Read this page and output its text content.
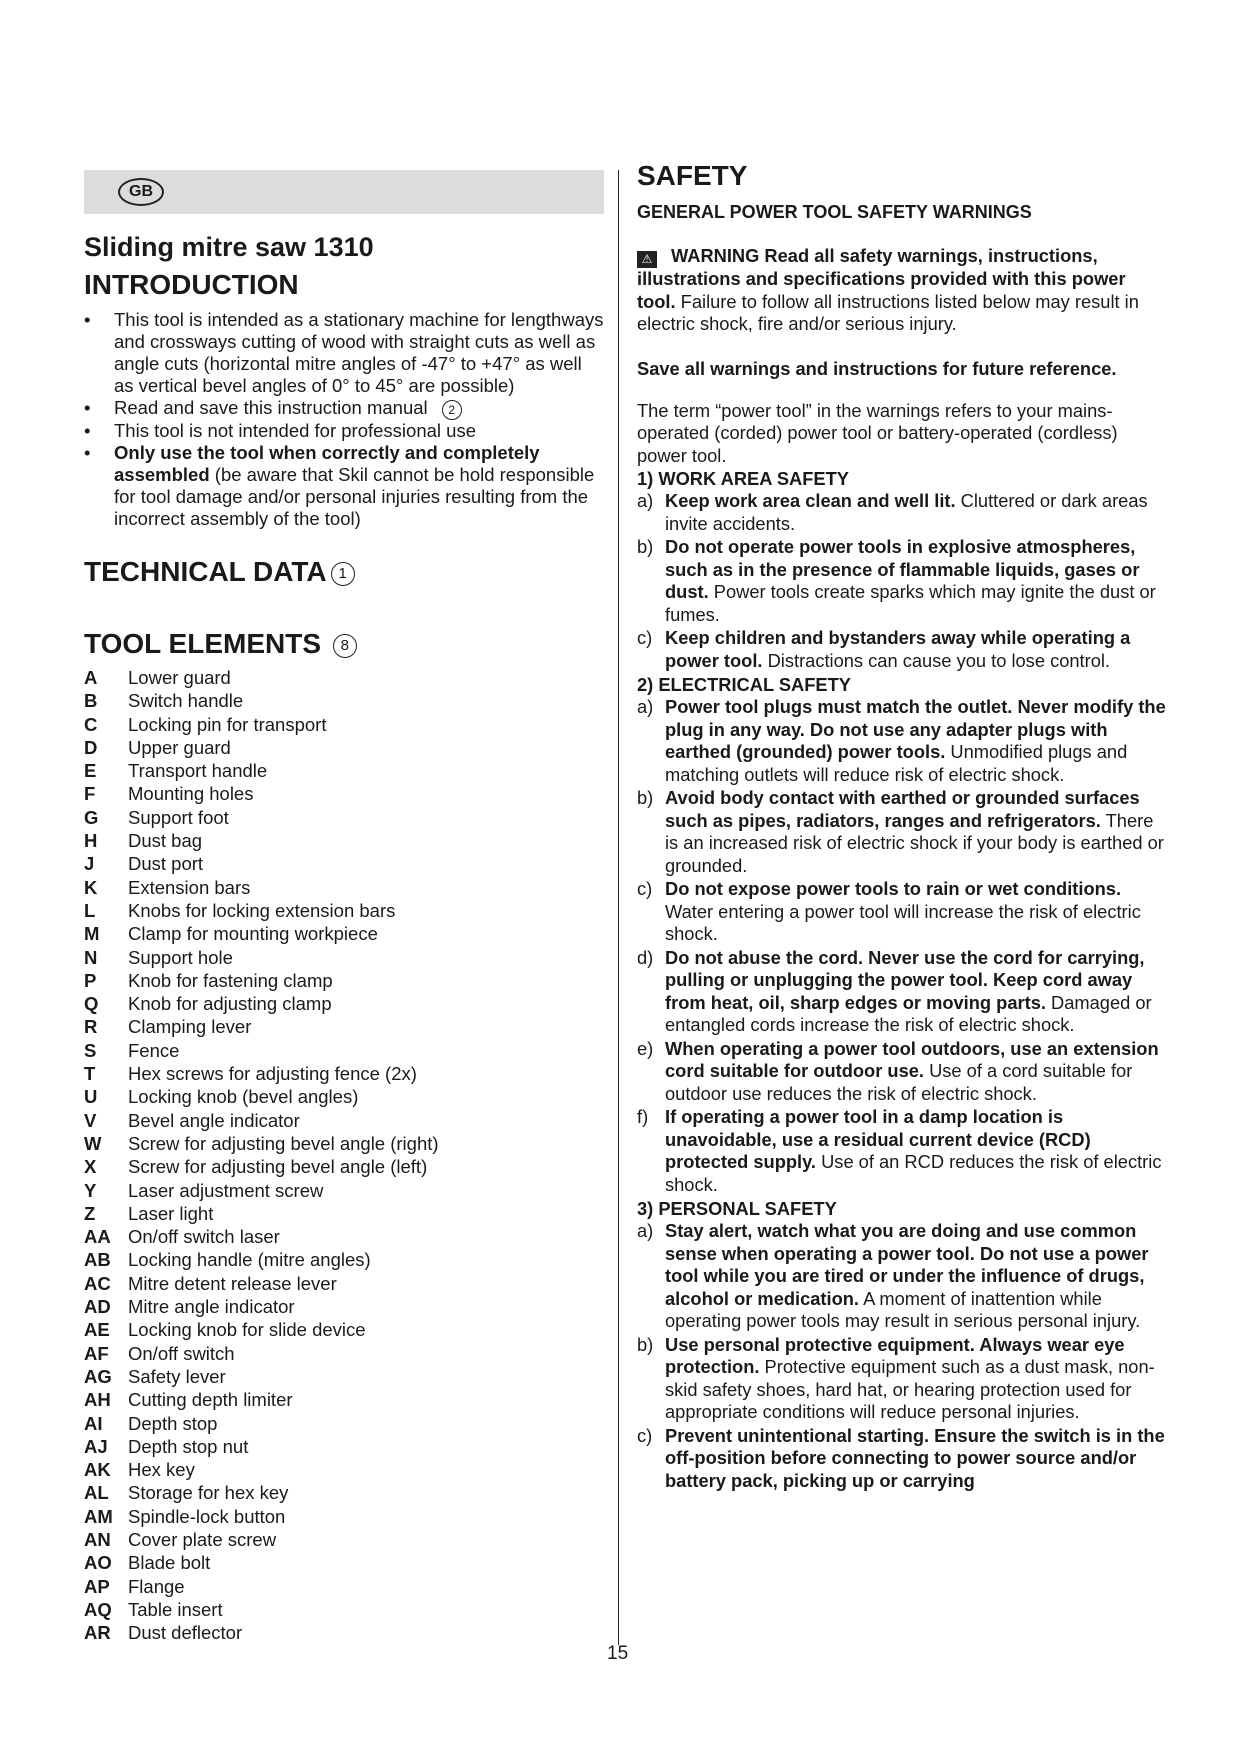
GB
Sliding mitre saw 1310
INTRODUCTION
• This tool is intended as a stationary machine for lengthways and crossways cutting of wood with straight cuts as well as angle cuts (horizontal mitre angles of -47° to +47° as well as vertical bevel angles of 0° to 45° are possible)
• Read and save this instruction manual 2
• This tool is not intended for professional use
• Only use the tool when correctly and completely assembled (be aware that Skil cannot be hold responsible for tool damage and/or personal injuries resulting from the incorrect assembly of the tool)
TECHNICAL DATA 1
TOOL ELEMENTS 8
A	Lower guard
B	Switch handle
C	Locking pin for transport
D	Upper guard
E	Transport handle
F	Mounting holes
G	Support foot
H	Dust bag
J	Dust port
K	Extension bars
L	Knobs for locking extension bars
M	Clamp for mounting workpiece
N	Support hole
P	Knob for fastening clamp
Q	Knob for adjusting clamp
R	Clamping lever
S	Fence
T	Hex screws for adjusting fence (2x)
U	Locking knob (bevel angles)
V	Bevel angle indicator
W	Screw for adjusting bevel angle (right)
X	Screw for adjusting bevel angle (left)
Y	Laser adjustment screw
Z	Laser light
AA On/off switch laser
AB Locking handle (mitre angles)
AC Mitre detent release lever
AD Mitre angle indicator
AE Locking knob for slide device
AF	On/off switch
AG Safety lever
AH Cutting depth limiter
AI	Depth stop
AJ	Depth stop nut
AK Hex key
AL	Storage for hex key
AM Spindle-lock button
AN Cover plate screw
AO Blade bolt
AP Flange
AQ Table insert
AR Dust deflector
SAFETY
GENERAL POWER TOOL SAFETY WARNINGS

⚠ WARNING Read all safety warnings, instructions, illustrations and specifications provided with this power tool. Failure to follow all instructions listed below may result in electric shock, fire and/or serious injury.

Save all warnings and instructions for future reference.

The term “power tool” in the warnings refers to your mains-operated (corded) power tool or battery-operated (cordless) power tool.

1) WORK AREA SAFETY
a) Keep work area clean and well lit. Cluttered or dark areas invite accidents.
b) Do not operate power tools in explosive atmospheres, such as in the presence of flammable liquids, gases or dust. Power tools create sparks which may ignite the dust or fumes.
c) Keep children and bystanders away while operating a power tool. Distractions can cause you to lose control.
2) ELECTRICAL SAFETY
a) Power tool plugs must match the outlet. Never modify the plug in any way. Do not use any adapter plugs with earthed (grounded) power tools. Unmodified plugs and matching outlets will reduce risk of electric shock.
b) Avoid body contact with earthed or grounded surfaces such as pipes, radiators, ranges and refrigerators. There is an increased risk of electric shock if your body is earthed or grounded.
c) Do not expose power tools to rain or wet conditions. Water entering a power tool will increase the risk of electric shock.
d) Do not abuse the cord. Never use the cord for carrying, pulling or unplugging the power tool. Keep cord away from heat, oil, sharp edges or moving parts. Damaged or entangled cords increase the risk of electric shock.
e) When operating a power tool outdoors, use an extension cord suitable for outdoor use. Use of a cord suitable for outdoor use reduces the risk of electric shock.
f) If operating a power tool in a damp location is unavoidable, use a residual current device (RCD) protected supply. Use of an RCD reduces the risk of electric shock.
3) PERSONAL SAFETY
a) Stay alert, watch what you are doing and use common sense when operating a power tool. Do not use a power tool while you are tired or under the influence of drugs, alcohol or medication. A moment of inattention while operating power tools may result in serious personal injury.
b) Use personal protective equipment. Always wear eye protection. Protective equipment such as a dust mask, non-skid safety shoes, hard hat, or hearing protection used for appropriate conditions will reduce personal injuries.
c) Prevent unintentional starting. Ensure the switch is in the off-position before connecting to power source and/or battery pack, picking up or carrying
15
